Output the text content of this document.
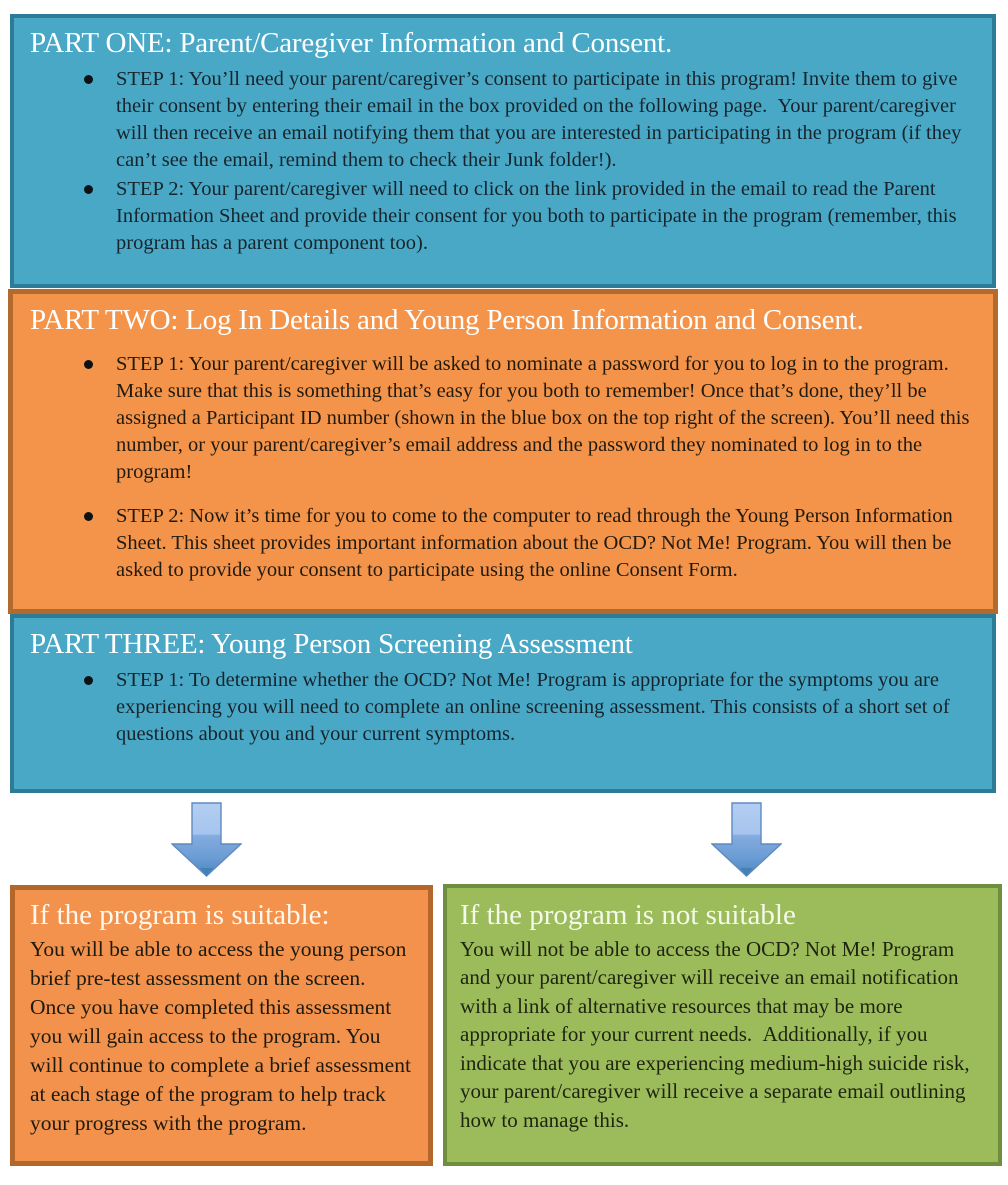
PART ONE: Parent/Caregiver Information and Consent.
STEP 1: You’ll need your parent/caregiver’s consent to participate in this program! Invite them to give their consent by entering their email in the box provided on the following page.  Your parent/caregiver will then receive an email notifying them that you are interested in participating in the program (if they can’t see the email, remind them to check their Junk folder!).
STEP 2: Your parent/caregiver will need to click on the link provided in the email to read the Parent Information Sheet and provide their consent for you both to participate in the program (remember, this program has a parent component too).
PART TWO: Log In Details and Young Person Information and Consent.
STEP 1: Your parent/caregiver will be asked to nominate a password for you to log in to the program. Make sure that this is something that’s easy for you both to remember! Once that’s done, they’ll be assigned a Participant ID number (shown in the blue box on the top right of the screen). You’ll need this number, or your parent/caregiver’s email address and the password they nominated to log in to the program!
STEP 2: Now it’s time for you to come to the computer to read through the Young Person Information Sheet. This sheet provides important information about the OCD? Not Me! Program. You will then be asked to provide your consent to participate using the online Consent Form.
PART THREE: Young Person Screening Assessment
STEP 1: To determine whether the OCD? Not Me! Program is appropriate for the symptoms you are experiencing you will need to complete an online screening assessment. This consists of a short set of questions about you and your current symptoms.
If the program is suitable:

You will be able to access the young person brief pre-test assessment on the screen. Once you have completed this assessment you will gain access to the program. You will continue to complete a brief assessment at each stage of the program to help track your progress with the program.

If the program is not suitable

You will not be able to access the OCD? Not Me! Program and your parent/caregiver will receive an email notification with a link of alternative resources that may be more appropriate for your current needs.  Additionally, if you indicate that you are experiencing medium-high suicide risk, your parent/caregiver will receive a separate email outlining how to manage this.
